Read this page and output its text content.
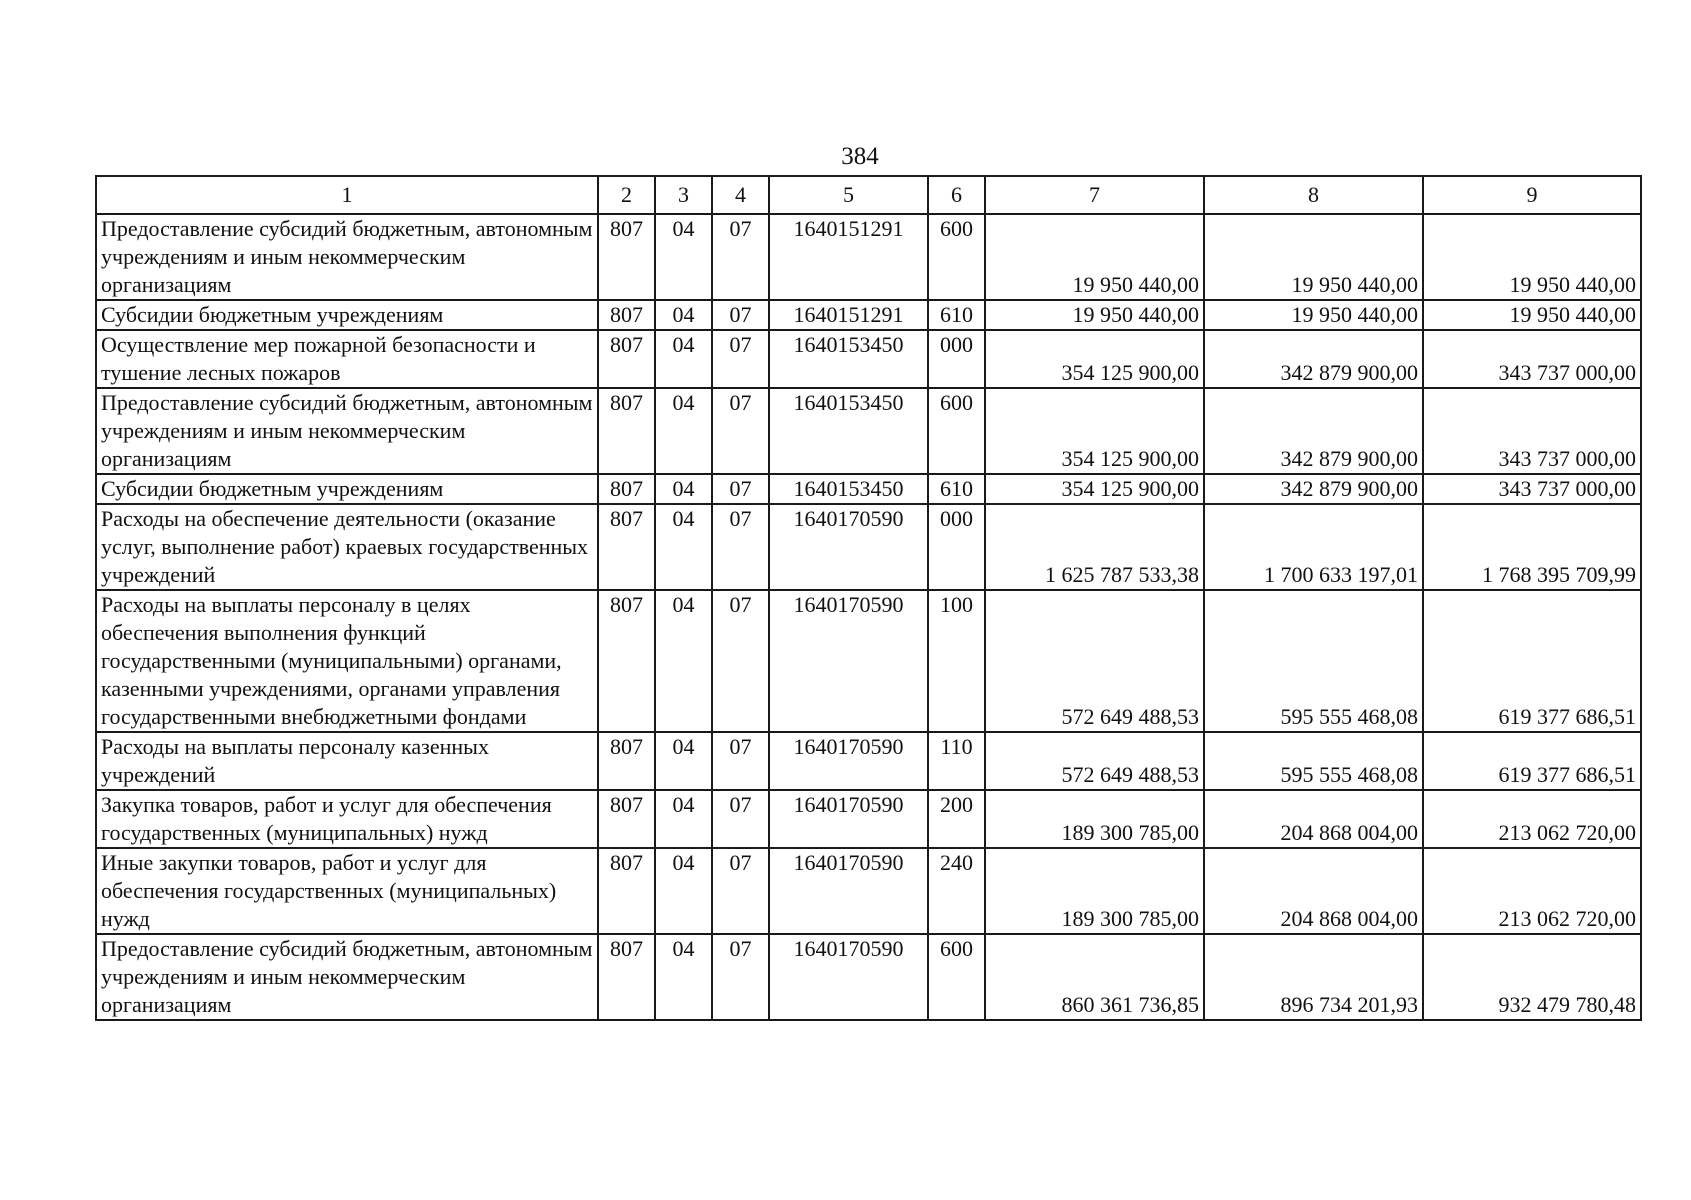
384
1	2	3	4	5	6	7	8	9
Предоставление субсидий бюджетным, автономным учреждениям и иным некоммерческим организациям	807	04	07	1640151291	600	19 950 440,00	19 950 440,00	19 950 440,00
Субсидии бюджетным учреждениям	807	04	07	1640151291	610	19 950 440,00	19 950 440,00	19 950 440,00
Осуществление мер пожарной безопасности и тушение лесных пожаров	807	04	07	1640153450	000	354 125 900,00	342 879 900,00	343 737 000,00
Предоставление субсидий бюджетным, автономным учреждениям и иным некоммерческим организациям	807	04	07	1640153450	600	354 125 900,00	342 879 900,00	343 737 000,00
Субсидии бюджетным учреждениям	807	04	07	1640153450	610	354 125 900,00	342 879 900,00	343 737 000,00
Расходы на обеспечение деятельности (оказание услуг, выполнение работ) краевых государственных учреждений	807	04	07	1640170590	000	1 625 787 533,38	1 700 633 197,01	1 768 395 709,99
Расходы на выплаты персоналу в целях обеспечения выполнения функций государственными (муниципальными) органами, казенными учреждениями, органами управления государственными внебюджетными фондами	807	04	07	1640170590	100	572 649 488,53	595 555 468,08	619 377 686,51
Расходы на выплаты персоналу казенных учреждений	807	04	07	1640170590	110	572 649 488,53	595 555 468,08	619 377 686,51
Закупка товаров, работ и услуг для обеспечения государственных (муниципальных) нужд	807	04	07	1640170590	200	189 300 785,00	204 868 004,00	213 062 720,00
Иные закупки товаров, работ и услуг для обеспечения государственных (муниципальных) нужд	807	04	07	1640170590	240	189 300 785,00	204 868 004,00	213 062 720,00
Предоставление субсидий бюджетным, автономным учреждениям и иным некоммерческим организациям	807	04	07	1640170590	600	860 361 736,85	896 734 201,93	932 479 780,48
